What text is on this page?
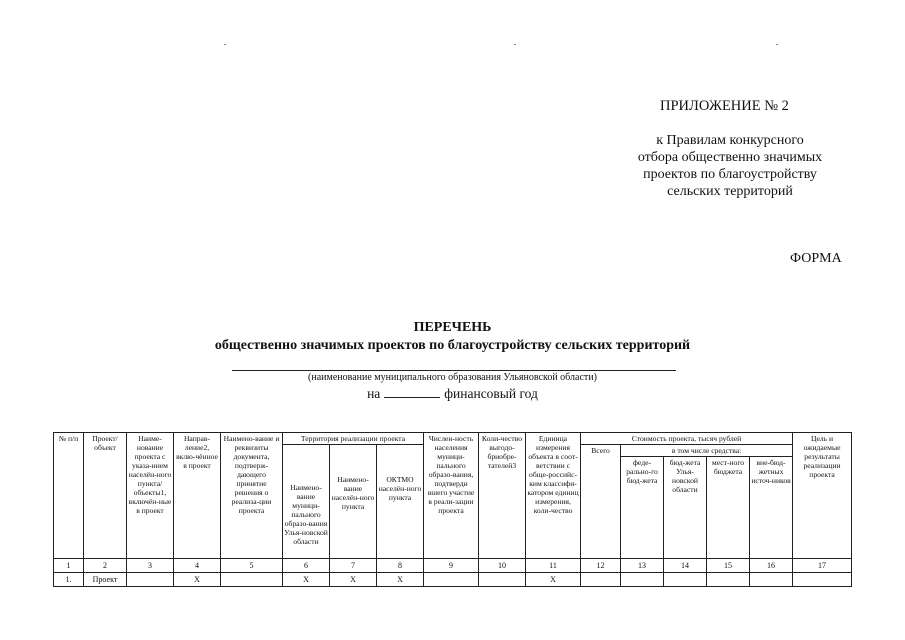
ПРИЛОЖЕНИЕ № 2
к Правилам конкурсного
отбора общественно значимых
проектов по благоустройству
сельских территорий
ФОРМА
ПЕРЕЧЕНЬ
общественно значимых проектов по благоустройству сельских территорий
(наименование муниципального образования Ульяновской области)
на	финансовый год
№ п/п	Проект/ объект	Наиме-нование проекта с указа-нием населён-ного пункта/ объекты1, включён-ные в проект	Направ-ление2, вклю-чённое в проект	Наимено-вание и реквизиты документа, подтверж-дающего принятие решения о реализа-ции проекта	Территория реализации проекта			Числен-ность населения муници-пального образо-вания, подтверди вшего участие в реали-зации проекта	Коли-чество выгодо-бриобре-тателей3	Единица измерения объекта в соот-ветствии с обще-российс-ким классифи-катором единиц измерения, коли-чество	Стоимость проекта, тысяч рублей					Цель и ожидаемые результаты реализации проекта
					Наимено-вание муници-пального образо-вания Улья-новской области	Наимено-вание населён-ного пункта	ОКТМО населён-ного пункта				Всего	в том числе средства:				
												феде-рально-го бюд-жета	бюд-жета Улья-новской области	мест-ного бюджета	вне-бюд-жетных источ-ников	
1	2	3	4	5	6	7	8	9	10	11	12	13	14	15	16	17
1.	Проект		Х		Х	Х	Х			Х						
